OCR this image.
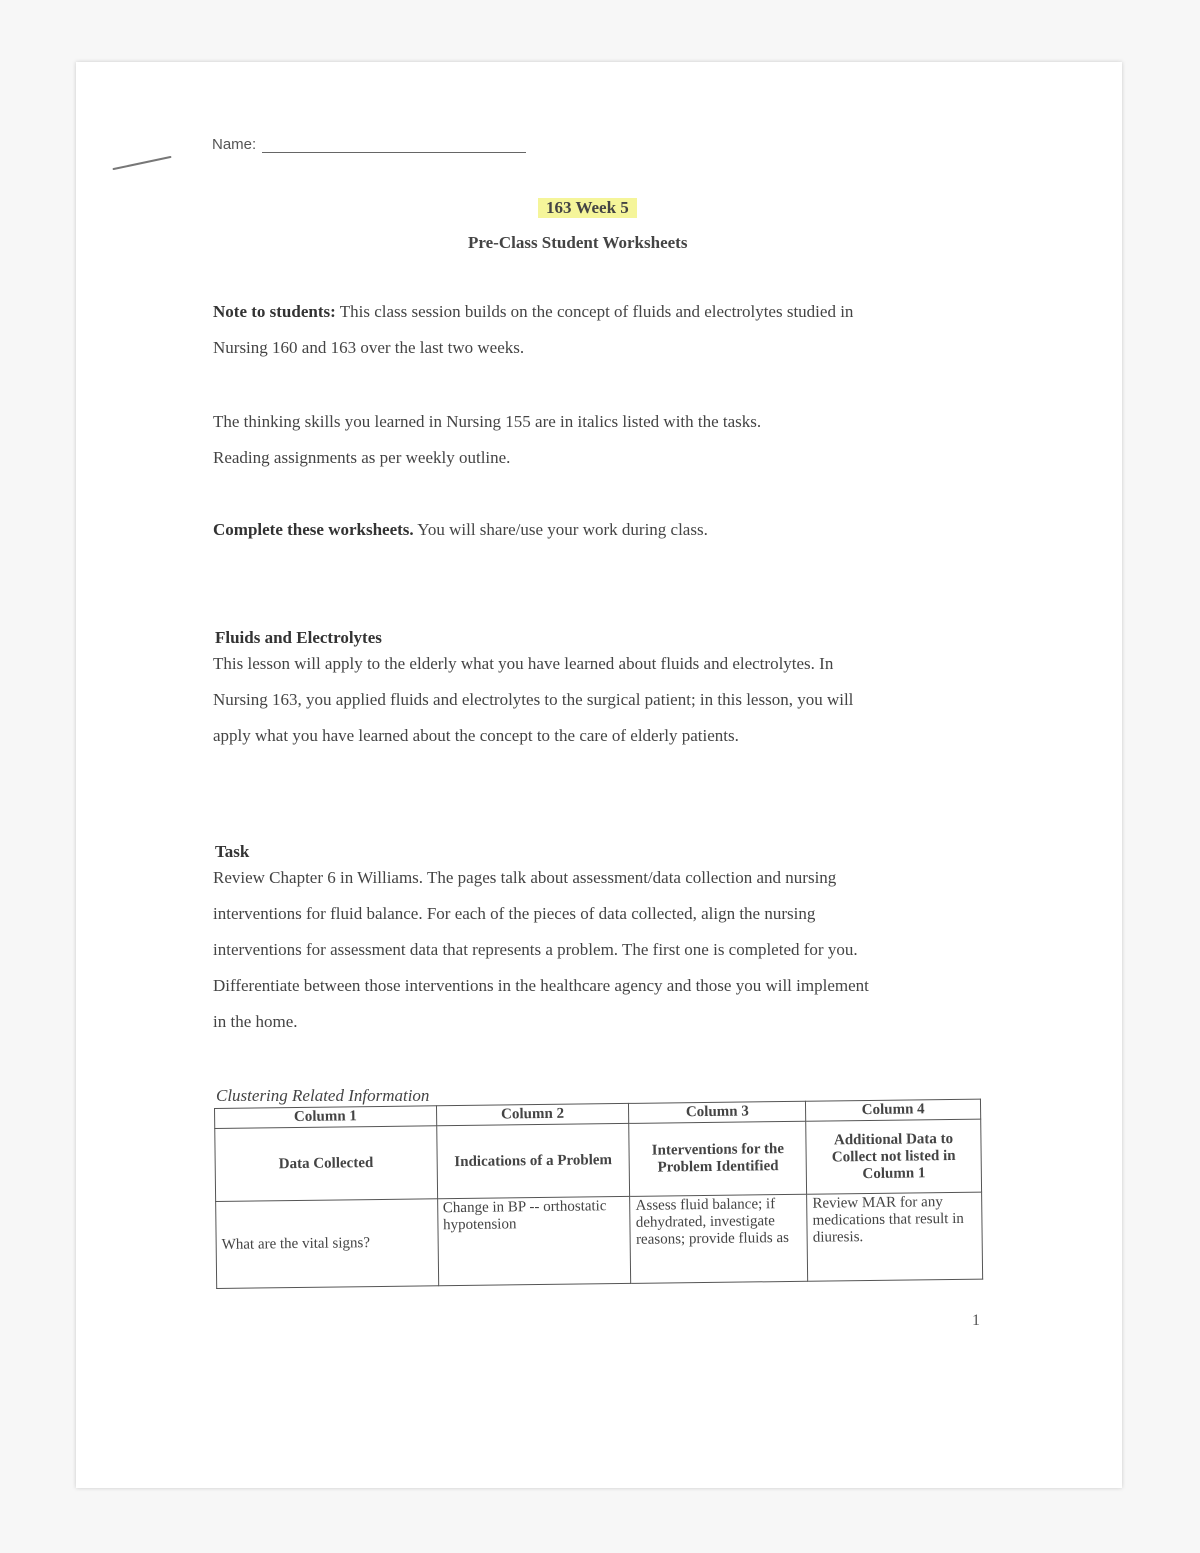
Name:
163 Week 5
Pre-Class Student Worksheets
Note to students: This class session builds on the concept of fluids and electrolytes studied in
Nursing 160 and 163 over the last two weeks.
The thinking skills you learned in Nursing 155 are in italics listed with the tasks.
Reading assignments as per weekly outline.
Complete these worksheets. You will share/use your work during class.
Fluids and Electrolytes
This lesson will apply to the elderly what you have learned about fluids and electrolytes. In
Nursing 163, you applied fluids and electrolytes to the surgical patient; in this lesson, you will
apply what you have learned about the concept to the care of elderly patients.
Task
Review Chapter 6 in Williams. The pages talk about assessment/data collection and nursing
interventions for fluid balance. For each of the pieces of data collected, align the nursing
interventions for assessment data that represents a problem. The first one is completed for you.
Differentiate between those interventions in the healthcare agency and those you will implement
in the home.
Clustering Related Information
Column 1	Column 2	Column 3	Column 4
Data Collected	Indications of a Problem	Interventions for the Problem Identified	Additional Data to Collect not listed in Column 1
What are the vital signs?	Change in BP -- orthostatic hypotension	Assess fluid balance; if dehydrated, investigate reasons; provide fluids as	Review MAR for any medications that result in diuresis.
1
